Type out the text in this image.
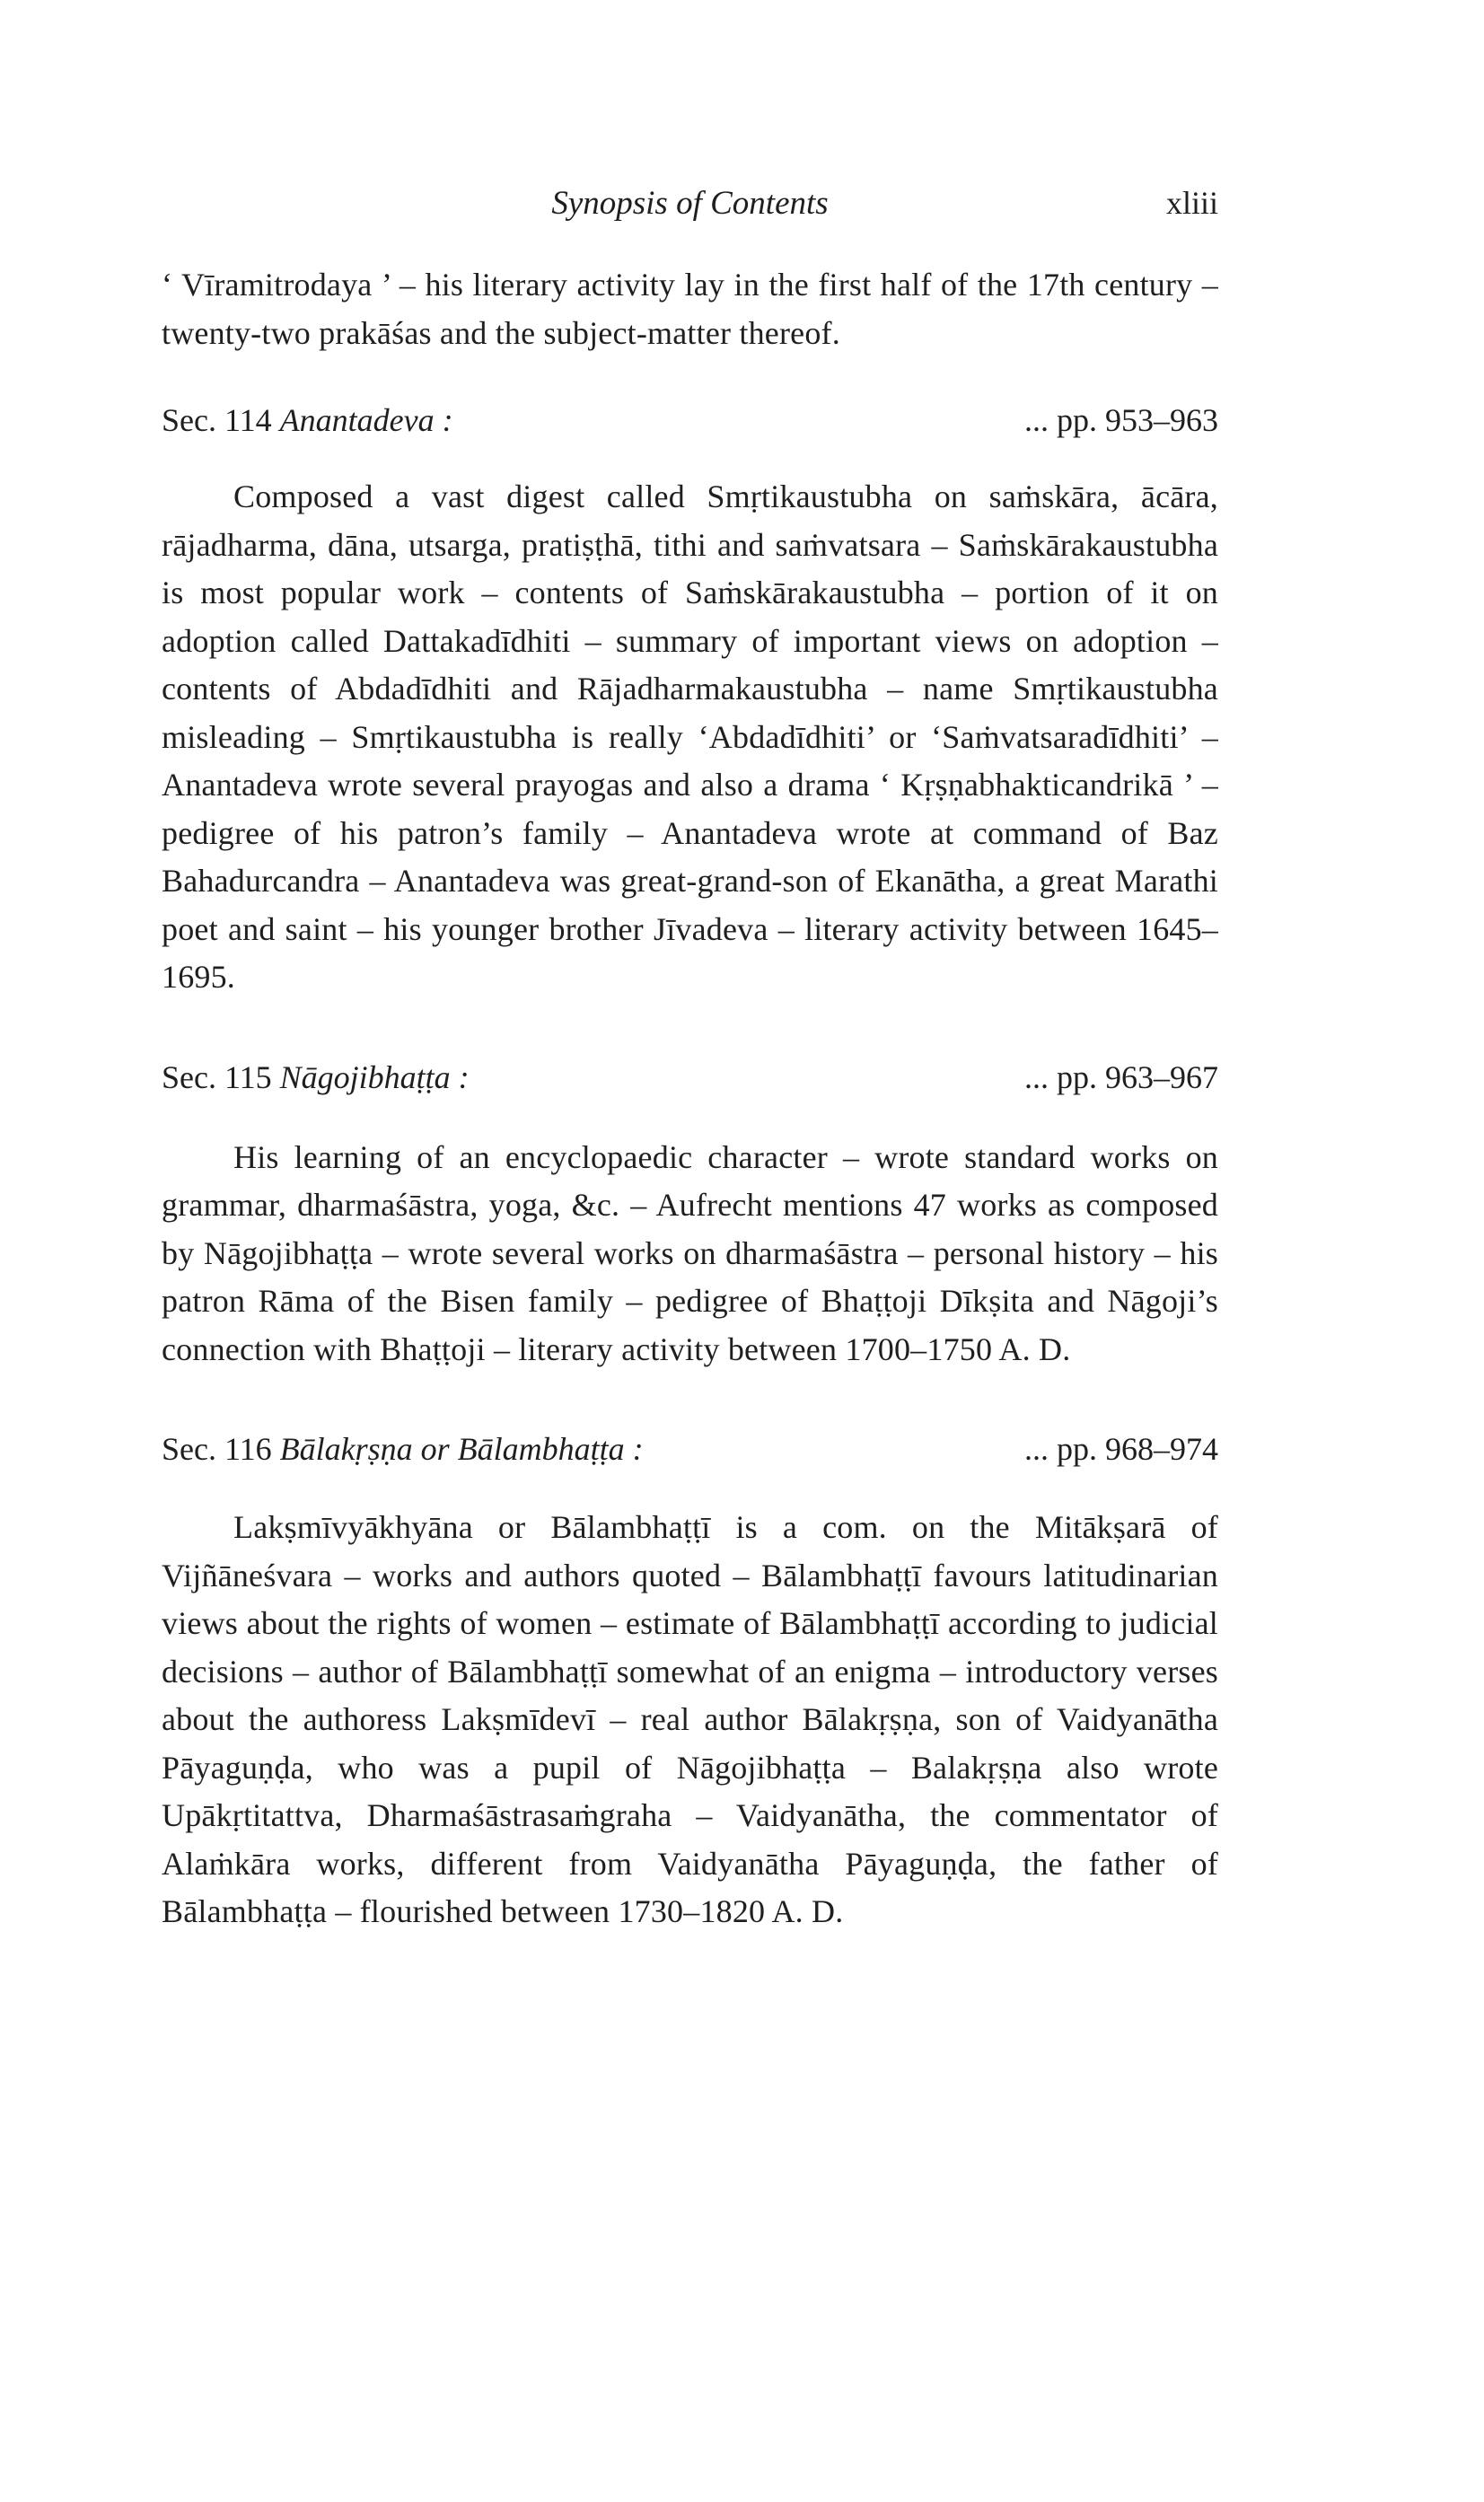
Synopsis of Contents	xliii

‘ Vīramitrodaya ’ – his literary activity lay in the first half of the 17th century – twenty-two prakāśas and the subject-matter thereof.

Sec. 114 Anantadeva :	... pp. 953–963

Composed a vast digest called Smṛtikaustubha on saṁskāra, ācāra, rājadharma, dāna, utsarga, pratiṣṭhā, tithi and saṁvatsara – Saṁskārakaustubha is most popular work – contents of Saṁskārakaustubha – portion of it on adoption called Dattakadīdhiti – summary of important views on adoption – contents of Abdadīdhiti and Rājadharmakaustubha – name Smṛtikaustubha misleading – Smṛtikaustubha is really ‘Abdadīdhiti’ or ‘Saṁvatsaradīdhiti’ – Anantadeva wrote several prayogas and also a drama ‘ Kṛṣṇabhakticandrikā ’ – pedigree of his patron’s family – Anantadeva wrote at command of Baz Bahadurcandra – Anantadeva was great-grand-son of Ekanātha, a great Marathi poet and saint – his younger brother Jīvadeva – literary activity between 1645–1695.

Sec. 115 Nāgojibhaṭṭa :	... pp. 963–967

His learning of an encyclopaedic character – wrote standard works on grammar, dharmaśāstra, yoga, &c. – Aufrecht mentions 47 works as composed by Nāgojibhaṭṭa – wrote several works on dharmaśāstra – personal history – his patron Rāma of the Bisen family – pedigree of Bhaṭṭoji Dīkṣita and Nāgoji’s connection with Bhaṭṭoji – literary activity between 1700–1750 A. D.

Sec. 116 Bālakṛṣṇa or Bālambhaṭṭa :	... pp. 968–974

Lakṣmīvyākhyāna or Bālambhaṭṭī is a com. on the Mitākṣarā of Vijñāneśvara – works and authors quoted – Bālambhaṭṭī favours latitudinarian views about the rights of women – estimate of Bālambhaṭṭī according to judicial decisions – author of Bālambhaṭṭī somewhat of an enigma – introductory verses about the authoress Lakṣmīdevī – real author Bālakṛṣṇa, son of Vaidyanātha Pāyaguṇḍa, who was a pupil of Nāgojibhaṭṭa – Balakṛṣṇa also wrote Upākṛtitattva, Dharmaśāstrasaṁgraha – Vaidyanātha, the commentator of Alaṁkāra works, different from Vaidyanātha Pāyaguṇḍa, the father of Bālambhaṭṭa – flourished between 1730–1820 A. D.
